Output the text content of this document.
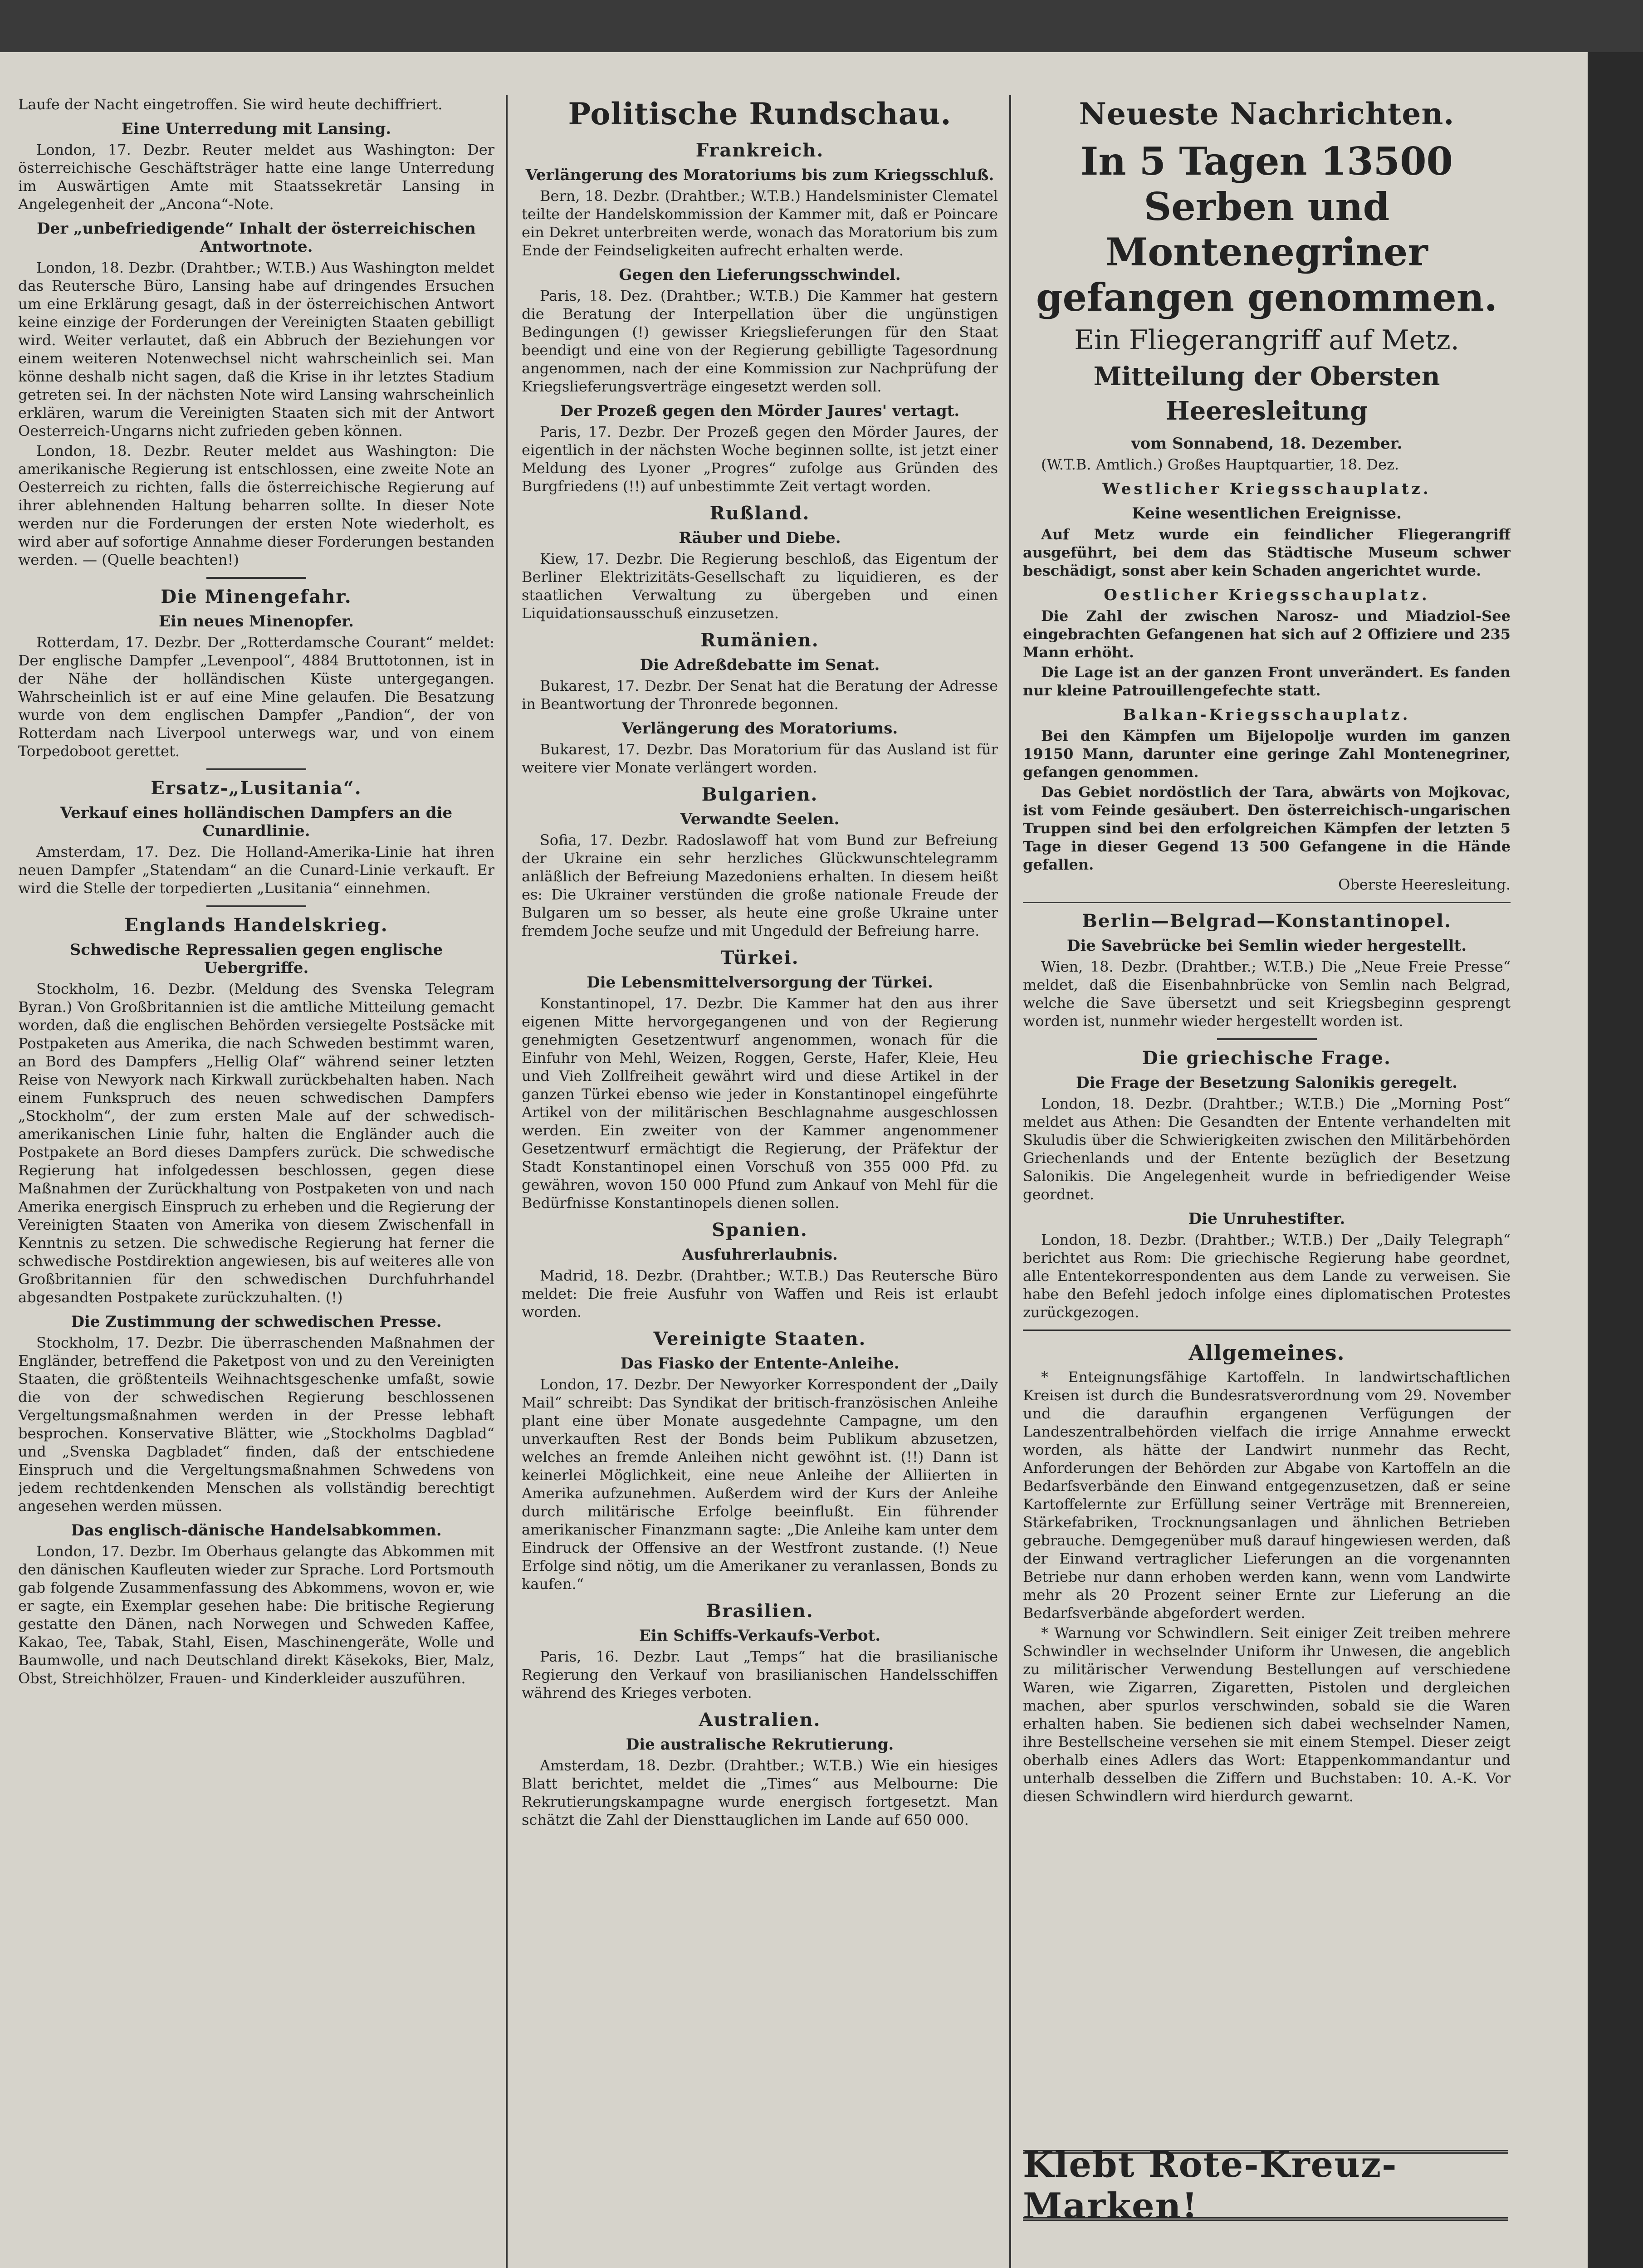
Laufe der Nacht eingetroffen. Sie wird heute dechiffriert.

Eine Unterredung mit Lansing.

London, 17. Dezbr. Reuter meldet aus Washington: Der österreichische Geschäftsträger hatte eine lange Unterredung im Auswärtigen Amte mit Staatssekretär Lansing in Angelegenheit der „Ancona“-Note.

Der „unbefriedigende“ Inhalt der österreichischen Antwortnote.

London, 18. Dezbr. (Drahtber.; W.T.B.) Aus Washington meldet das Reutersche Büro, Lansing habe auf dringendes Ersuchen um eine Erklärung gesagt, daß in der österreichischen Antwort keine einzige der Forderungen der Vereinigten Staaten gebilligt wird. Weiter verlautet, daß ein Abbruch der Beziehungen vor einem weiteren Notenwechsel nicht wahrscheinlich sei. Man könne deshalb nicht sagen, daß die Krise in ihr letztes Stadium getreten sei. In der nächsten Note wird Lansing wahrscheinlich erklären, warum die Vereinigten Staaten sich mit der Antwort Oesterreich-Ungarns nicht zufrieden geben können.

London, 18. Dezbr. Reuter meldet aus Washington: Die amerikanische Regierung ist entschlossen, eine zweite Note an Oesterreich zu richten, falls die österreichische Regierung auf ihrer ablehnenden Haltung beharren sollte. In dieser Note werden nur die Forderungen der ersten Note wiederholt, es wird aber auf sofortige Annahme dieser Forderungen bestanden werden. — (Quelle beachten!)

Die Minengefahr.
Ein neues Minenopfer.

Rotterdam, 17. Dezbr. Der „Rotterdamsche Courant“ meldet: Der englische Dampfer „Levenpool“, 4884 Bruttotonnen, ist in der Nähe der holländischen Küste untergegangen. Wahrscheinlich ist er auf eine Mine gelaufen. Die Besatzung wurde von dem englischen Dampfer „Pandion“, der von Rotterdam nach Liverpool unterwegs war, und von einem Torpedoboot gerettet.

Ersatz-„Lusitania“.
Verkauf eines holländischen Dampfers an die Cunardlinie.

Amsterdam, 17. Dez. Die Holland-Amerika-Linie hat ihren neuen Dampfer „Statendam“ an die Cunard-Linie verkauft. Er wird die Stelle der torpedierten „Lusitania“ einnehmen.

Englands Handelskrieg.
Schwedische Repressalien gegen englische Uebergriffe.

Stockholm, 16. Dezbr. (Meldung des Svenska Telegram Byran.) Von Großbritannien ist die amtliche Mitteilung gemacht worden, daß die englischen Behörden versiegelte Postsäcke mit Postpaketen aus Amerika, die nach Schweden bestimmt waren, an Bord des Dampfers „Hellig Olaf“ während seiner letzten Reise von Newyork nach Kirkwall zurückbehalten haben. Nach einem Funkspruch des neuen schwedischen Dampfers „Stockholm“, der zum ersten Male auf der schwedisch-amerikanischen Linie fuhr, halten die Engländer auch die Postpakete an Bord dieses Dampfers zurück. Die schwedische Regierung hat infolgedessen beschlossen, gegen diese Maßnahmen der Zurückhaltung von Postpaketen von und nach Amerika energisch Einspruch zu erheben und die Regierung der Vereinigten Staaten von Amerika von diesem Zwischenfall in Kenntnis zu setzen. Die schwedische Regierung hat ferner die schwedische Postdirektion angewiesen, bis auf weiteres alle von Großbritannien für den schwedischen Durchfuhrhandel abgesandten Postpakete zurückzuhalten. (!)

Die Zustimmung der schwedischen Presse.

Stockholm, 17. Dezbr. Die überraschenden Maßnahmen der Engländer, betreffend die Paketpost von und zu den Vereinigten Staaten, die größtenteils Weihnachtsgeschenke umfaßt, sowie die von der schwedischen Regierung beschlossenen Vergeltungsmaßnahmen werden in der Presse lebhaft besprochen. Konservative Blätter, wie „Stockholms Dagblad“ und „Svenska Dagbladet“ finden, daß der entschiedene Einspruch und die Vergeltungsmaßnahmen Schwedens von jedem rechtdenkenden Menschen als vollständig berechtigt angesehen werden müssen.

Das englisch-dänische Handelsabkommen.

London, 17. Dezbr. Im Oberhaus gelangte das Abkommen mit den dänischen Kaufleuten wieder zur Sprache. Lord Portsmouth gab folgende Zusammenfassung des Abkommens, wovon er, wie er sagte, ein Exemplar gesehen habe: Die britische Regierung gestatte den Dänen, nach Norwegen und Schweden Kaffee, Kakao, Tee, Tabak, Stahl, Eisen, Maschinengeräte, Wolle und Baumwolle, und nach Deutschland direkt Käsekoks, Bier, Malz, Obst, Streichhölzer, Frauen- und Kinderkleider auszuführen.

Politische Rundschau.
Frankreich.
Verlängerung des Moratoriums bis zum Kriegsschluß.

Bern, 18. Dezbr. (Drahtber.; W.T.B.) Handelsminister Clematel teilte der Handelskommission der Kammer mit, daß er Poincare ein Dekret unterbreiten werde, wonach das Moratorium bis zum Ende der Feindseligkeiten aufrecht erhalten werde.

Gegen den Lieferungsschwindel.

Paris, 18. Dez. (Drahtber.; W.T.B.) Die Kammer hat gestern die Beratung der Interpellation über die ungünstigen Bedingungen (!) gewisser Kriegslieferungen für den Staat beendigt und eine von der Regierung gebilligte Tagesordnung angenommen, nach der eine Kommission zur Nachprüfung der Kriegslieferungsverträge eingesetzt werden soll.

Der Prozeß gegen den Mörder Jaures' vertagt.

Paris, 17. Dezbr. Der Prozeß gegen den Mörder Jaures, der eigentlich in der nächsten Woche beginnen sollte, ist jetzt einer Meldung des Lyoner „Progres“ zufolge aus Gründen des Burgfriedens (!!) auf unbestimmte Zeit vertagt worden.

Rußland.
Räuber und Diebe.

Kiew, 17. Dezbr. Die Regierung beschloß, das Eigentum der Berliner Elektrizitäts-Gesellschaft zu liquidieren, es der staatlichen Verwaltung zu übergeben und einen Liquidationsausschuß einzusetzen.

Rumänien.
Die Adreßdebatte im Senat.

Bukarest, 17. Dezbr. Der Senat hat die Beratung der Adresse in Beantwortung der Thronrede begonnen.

Verlängerung des Moratoriums.

Bukarest, 17. Dezbr. Das Moratorium für das Ausland ist für weitere vier Monate verlängert worden.

Bulgarien.
Verwandte Seelen.

Sofia, 17. Dezbr. Radoslawoff hat vom Bund zur Befreiung der Ukraine ein sehr herzliches Glückwunschtelegramm anläßlich der Befreiung Mazedoniens erhalten. In diesem heißt es: Die Ukrainer verstünden die große nationale Freude der Bulgaren um so besser, als heute eine große Ukraine unter fremdem Joche seufze und mit Ungeduld der Befreiung harre.

Türkei.
Die Lebensmittelversorgung der Türkei.

Konstantinopel, 17. Dezbr. Die Kammer hat den aus ihrer eigenen Mitte hervorgegangenen und von der Regierung genehmigten Gesetzentwurf angenommen, wonach für die Einfuhr von Mehl, Weizen, Roggen, Gerste, Hafer, Kleie, Heu und Vieh Zollfreiheit gewährt wird und diese Artikel in der ganzen Türkei ebenso wie jeder in Konstantinopel eingeführte Artikel von der militärischen Beschlagnahme ausgeschlossen werden. Ein zweiter von der Kammer angenommener Gesetzentwurf ermächtigt die Regierung, der Präfektur der Stadt Konstantinopel einen Vorschuß von 355 000 Pfd. zu gewähren, wovon 150 000 Pfund zum Ankauf von Mehl für die Bedürfnisse Konstantinopels dienen sollen.

Spanien.
Ausfuhrerlaubnis.

Madrid, 18. Dezbr. (Drahtber.; W.T.B.) Das Reutersche Büro meldet: Die freie Ausfuhr von Waffen und Reis ist erlaubt worden.

Vereinigte Staaten.
Das Fiasko der Entente-Anleihe.

London, 17. Dezbr. Der Newyorker Korrespondent der „Daily Mail“ schreibt: Das Syndikat der britisch-französischen Anleihe plant eine über Monate ausgedehnte Campagne, um den unverkauften Rest der Bonds beim Publikum abzusetzen, welches an fremde Anleihen nicht gewöhnt ist. (!!) Dann ist keinerlei Möglichkeit, eine neue Anleihe der Alliierten in Amerika aufzunehmen. Außerdem wird der Kurs der Anleihe durch militärische Erfolge beeinflußt. Ein führender amerikanischer Finanzmann sagte: „Die Anleihe kam unter dem Eindruck der Offensive an der Westfront zustande. (!) Neue Erfolge sind nötig, um die Amerikaner zu veranlassen, Bonds zu kaufen.“

Brasilien.
Ein Schiffs-Verkaufs-Verbot.

Paris, 16. Dezbr. Laut „Temps“ hat die brasilianische Regierung den Verkauf von brasilianischen Handelsschiffen während des Krieges verboten.

Australien.
Die australische Rekrutierung.

Amsterdam, 18. Dezbr. (Drahtber.; W.T.B.) Wie ein hiesiges Blatt berichtet, meldet die „Times“ aus Melbourne: Die Rekrutierungskampagne wurde energisch fortgesetzt. Man schätzt die Zahl der Diensttauglichen im Lande auf 650 000.

Neueste Nachrichten.
In 5 Tagen 13500 Serben und Montenegriner gefangen genommen.
Ein Fliegerangriff auf Metz.
Mitteilung der Obersten Heeresleitung
vom Sonnabend, 18. Dezember.

(W.T.B. Amtlich.) Großes Hauptquartier, 18. Dez.

Westlicher Kriegsschauplatz.
Keine wesentlichen Ereignisse.

Auf Metz wurde ein feindlicher Fliegerangriff ausgeführt, bei dem das Städtische Museum schwer beschädigt, sonst aber kein Schaden angerichtet wurde.

Oestlicher Kriegsschauplatz.

Die Zahl der zwischen Narosz- und Miadziol-See eingebrachten Gefangenen hat sich auf 2 Offiziere und 235 Mann erhöht.

Die Lage ist an der ganzen Front unverändert. Es fanden nur kleine Patrouillengefechte statt.

Balkan-Kriegsschauplatz.

Bei den Kämpfen um Bijelopolje wurden im ganzen 19150 Mann, darunter eine geringe Zahl Montenegriner, gefangen genommen.

Das Gebiet nordöstlich der Tara, abwärts von Mojkovac, ist vom Feinde gesäubert. Den österreichisch-ungarischen Truppen sind bei den erfolgreichen Kämpfen der letzten 5 Tage in dieser Gegend 13 500 Gefangene in die Hände gefallen.

Oberste Heeresleitung.

Berlin—Belgrad—Konstantinopel.
Die Savebrücke bei Semlin wieder hergestellt.

Wien, 18. Dezbr. (Drahtber.; W.T.B.) Die „Neue Freie Presse“ meldet, daß die Eisenbahnbrücke von Semlin nach Belgrad, welche die Save übersetzt und seit Kriegsbeginn gesprengt worden ist, nunmehr wieder hergestellt worden ist.

Die griechische Frage.
Die Frage der Besetzung Salonikis geregelt.

London, 18. Dezbr. (Drahtber.; W.T.B.) Die „Morning Post“ meldet aus Athen: Die Gesandten der Entente verhandelten mit Skuludis über die Schwierigkeiten zwischen den Militärbehörden Griechenlands und der Entente bezüglich der Besetzung Salonikis. Die Angelegenheit wurde in befriedigender Weise geordnet.

Die Unruhestifter.

London, 18. Dezbr. (Drahtber.; W.T.B.) Der „Daily Telegraph“ berichtet aus Rom: Die griechische Regierung habe geordnet, alle Ententekorrespondenten aus dem Lande zu verweisen. Sie habe den Befehl jedoch infolge eines diplomatischen Protestes zurückgezogen.

Allgemeines.

* Enteignungsfähige Kartoffeln. In landwirtschaftlichen Kreisen ist durch die Bundesratsverordnung vom 29. November und die daraufhin ergangenen Verfügungen der Landeszentralbehörden vielfach die irrige Annahme erweckt worden, als hätte der Landwirt nunmehr das Recht, Anforderungen der Behörden zur Abgabe von Kartoffeln an die Bedarfsverbände den Einwand entgegenzusetzen, daß er seine Kartoffelernte zur Erfüllung seiner Verträge mit Brennereien, Stärkefabriken, Trocknungsanlagen und ähnlichen Betrieben gebrauche. Demgegenüber muß darauf hingewiesen werden, daß der Einwand vertraglicher Lieferungen an die vorgenannten Betriebe nur dann erhoben werden kann, wenn vom Landwirte mehr als 20 Prozent seiner Ernte zur Lieferung an die Bedarfsverbände abgefordert werden.

* Warnung vor Schwindlern. Seit einiger Zeit treiben mehrere Schwindler in wechselnder Uniform ihr Unwesen, die angeblich zu militärischer Verwendung Bestellungen auf verschiedene Waren, wie Zigarren, Zigaretten, Pistolen und dergleichen machen, aber spurlos verschwinden, sobald sie die Waren erhalten haben. Sie bedienen sich dabei wechselnder Namen, ihre Bestellscheine versehen sie mit einem Stempel. Dieser zeigt oberhalb eines Adlers das Wort: Etappenkommandantur und unterhalb desselben die Ziffern und Buchstaben: 10. A.-K. Vor diesen Schwindlern wird hierdurch gewarnt.

Klebt Rote-Kreuz-Marken!
